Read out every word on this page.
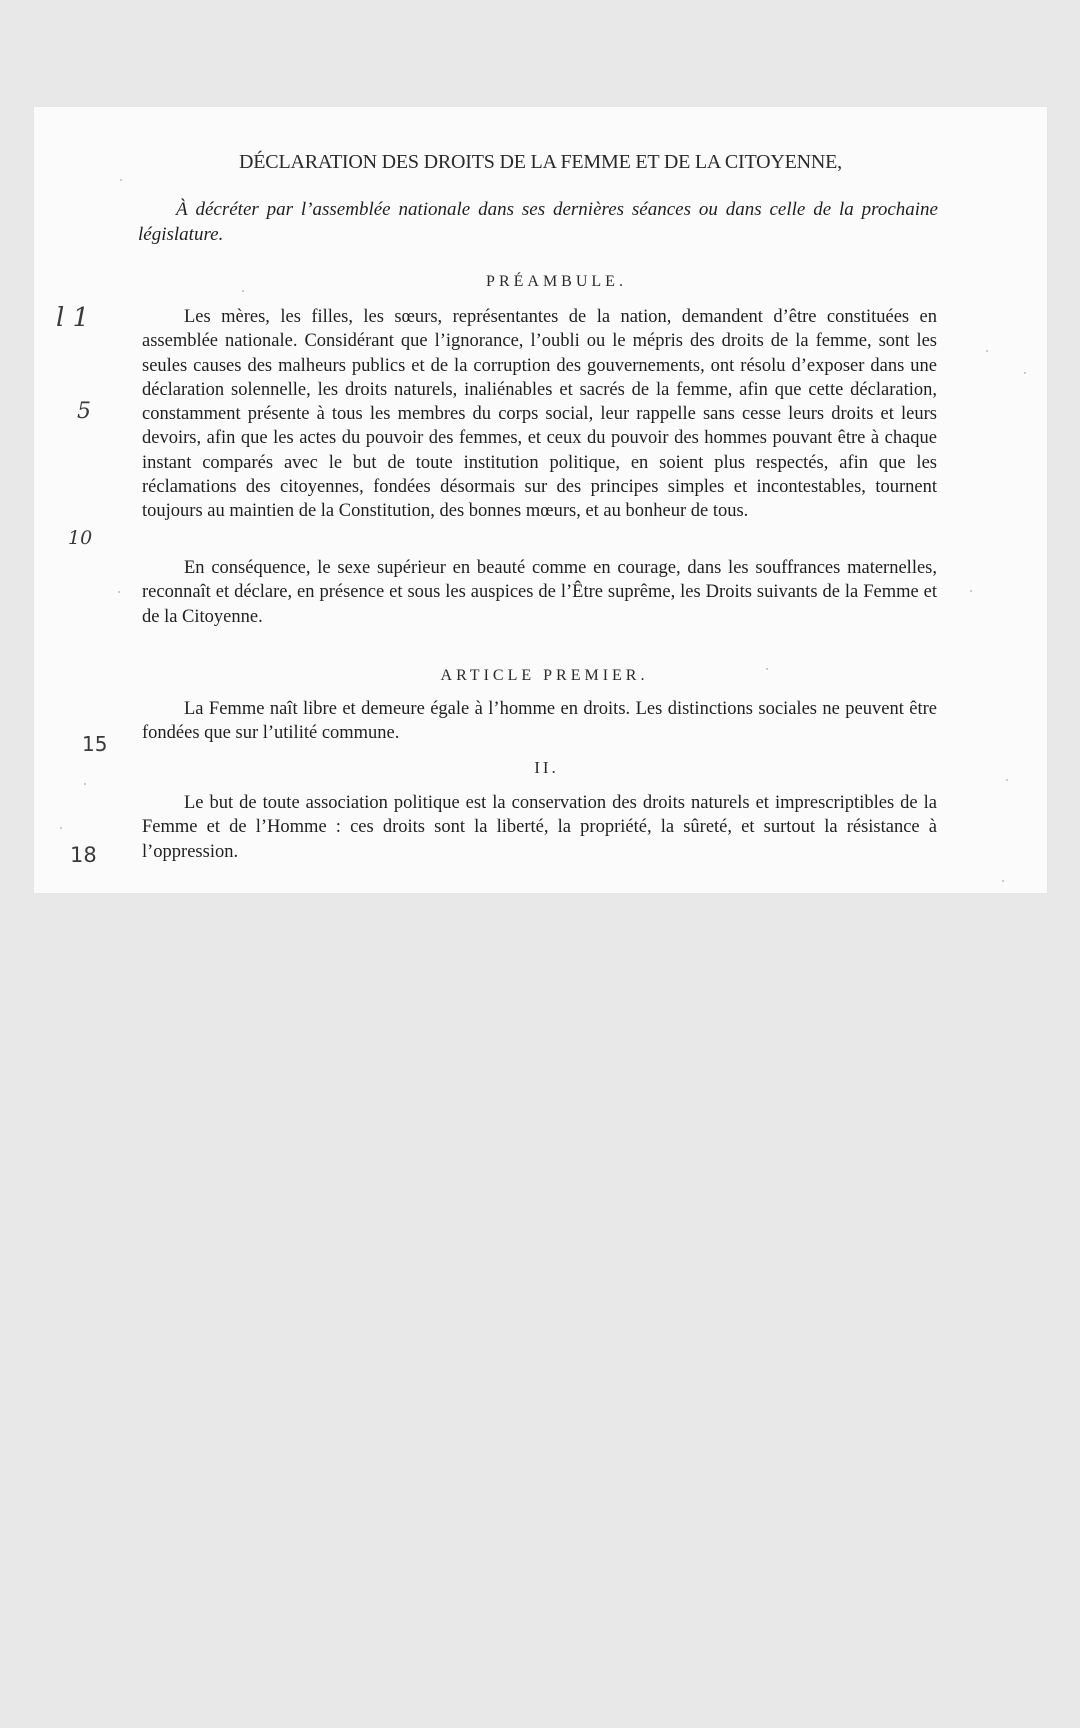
DÉCLARATION DES DROITS DE LA FEMME ET DE LA CITOYENNE,
À décréter par l’assemblée nationale dans ses dernières séances ou dans celle de la prochaine législature.
PRÉAMBULE.

Les mères, les filles, les sœurs, représentantes de la nation, demandent d’être constituées en assemblée nationale. Considérant que l’ignorance, l’oubli ou le mépris des droits de la femme, sont les seules causes des malheurs publics et de la corruption des gouvernements, ont résolu d’exposer dans une déclaration solennelle, les droits naturels, inaliénables et sacrés de la femme, afin que cette déclaration, constamment présente à tous les membres du corps social, leur rappelle sans cesse leurs droits et leurs devoirs, afin que les actes du pouvoir des femmes, et ceux du pouvoir des hommes pouvant être à chaque instant comparés avec le but de toute institution politique, en soient plus respectés, afin que les réclamations des citoyennes, fondées désormais sur des principes simples et incontestables, tournent toujours au maintien de la Constitution, des bonnes mœurs, et au bonheur de tous.

En conséquence, le sexe supérieur en beauté comme en courage, dans les souffrances maternelles, reconnaît et déclare, en présence et sous les auspices de l’Être suprême, les Droits suivants de la Femme et de la Citoyenne.

ARTICLE PREMIER.

La Femme naît libre et demeure égale à l’homme en droits. Les distinctions sociales ne peuvent être fondées que sur l’utilité commune.

II.

Le but de toute association politique est la conservation des droits naturels et imprescriptibles de la Femme et de l’Homme : ces droits sont la liberté, la propriété, la sûreté, et surtout la résistance à l’oppression.

l 1
5
10
15
18
